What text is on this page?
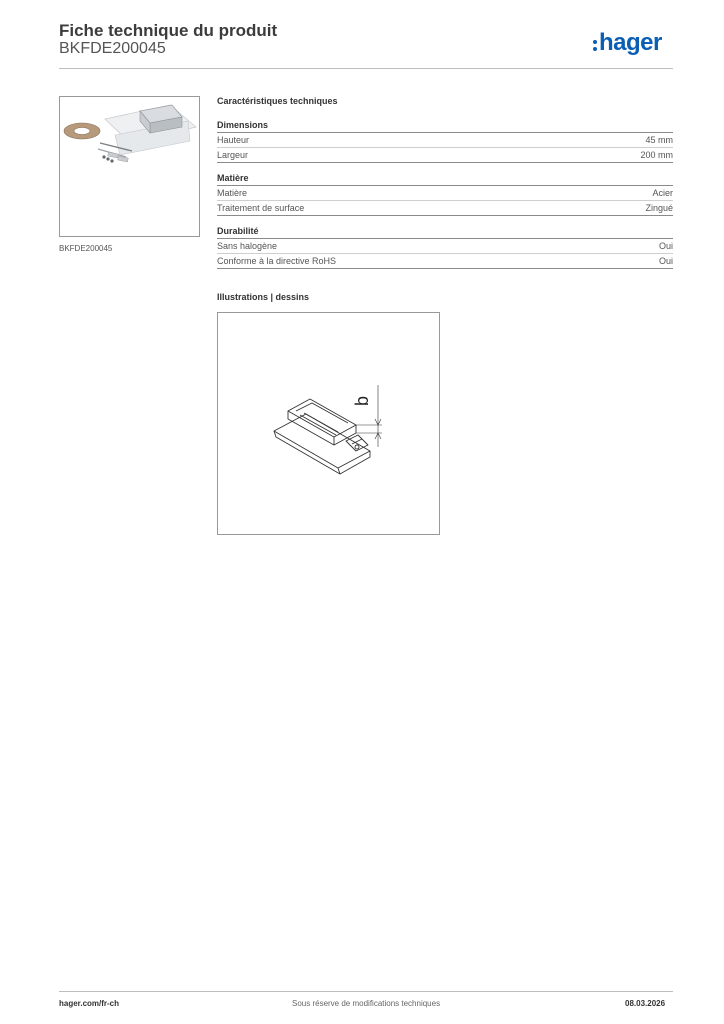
Fiche technique du produit
BKFDE200045	hager
BKFDE200045
Caractéristiques techniques
Dimensions
Hauteur	45 mm
Largeur	200 mm
Matière
Matière	Acier
Traitement de surface	Zingué
Durabilité
Sans halogène	Oui
Conforme à la directive RoHS	Oui
Illustrations | dessins
b
hager.com/fr-ch	Sous réserve de modifications techniques	08.03.2026
